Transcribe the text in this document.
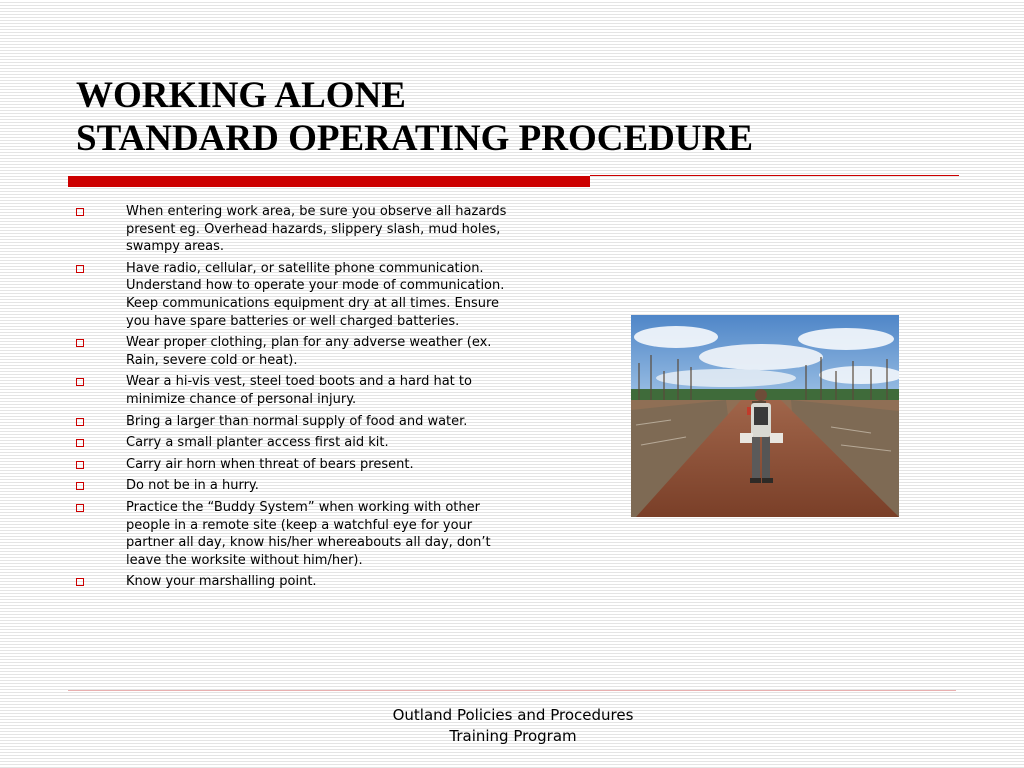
WORKING ALONE
STANDARD OPERATING PROCEDURE
When entering work area, be sure you observe all hazards present eg. Overhead hazards, slippery slash, mud holes, swampy areas.
Have radio, cellular, or satellite phone communication. Understand how to operate your mode of communication. Keep communications equipment dry at all times. Ensure you have spare batteries or well charged batteries.
Wear proper clothing, plan for any adverse weather (ex. Rain, severe cold or heat).
Wear a hi-vis vest, steel toed boots and a hard hat to minimize chance of personal injury.
Bring a larger than normal supply of food and water.
Carry a small planter access first aid kit.
Carry air horn when threat of bears present.
Do not be in a hurry.
Practice the “Buddy System” when working with other people in a remote site (keep a watchful eye for your partner all day, know his/her whereabouts all day, don’t leave the worksite without him/her).
Know your marshalling point.
Outland Policies and Procedures
Training Program
